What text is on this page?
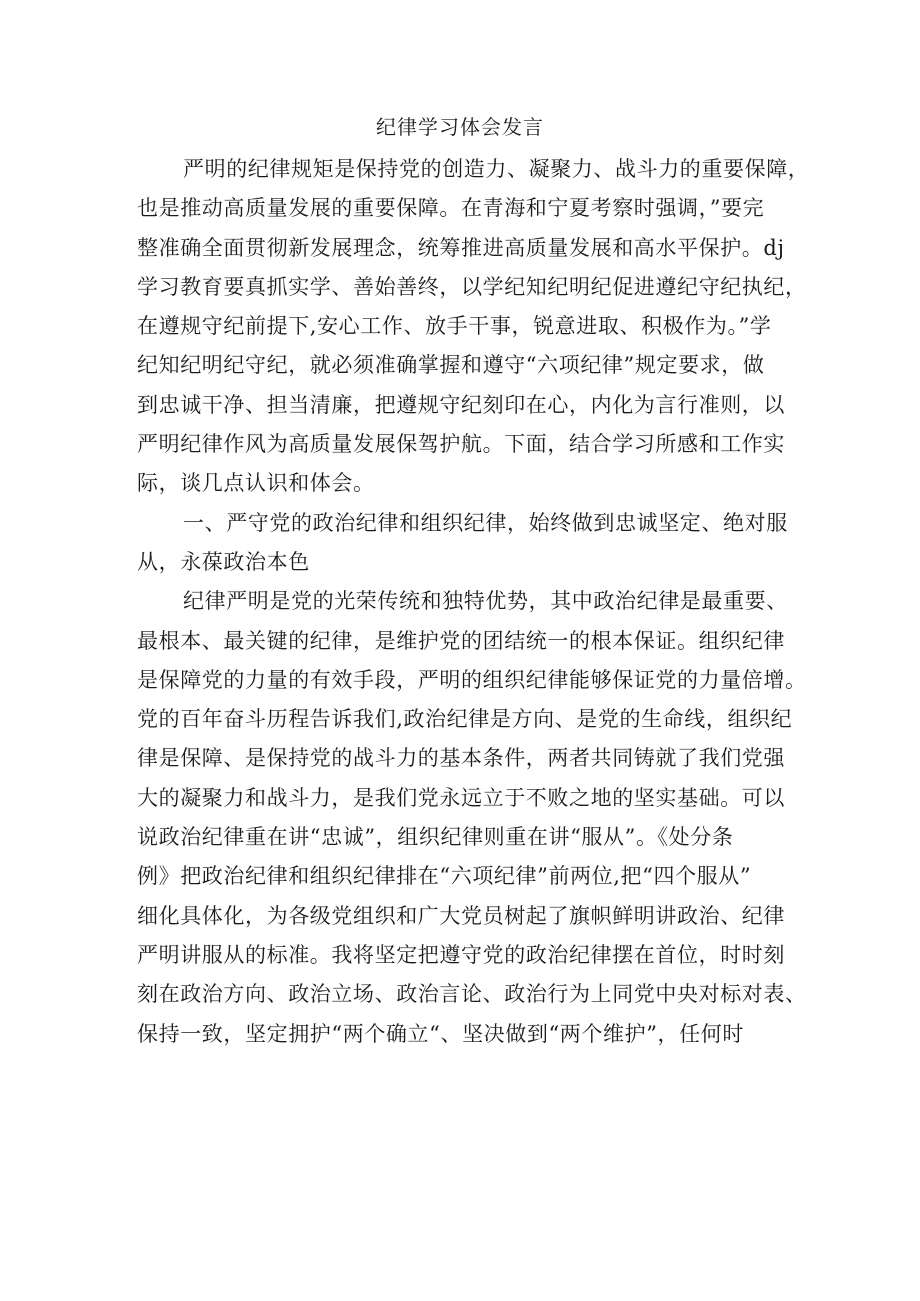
纪律学习体会发言
严明的纪律规矩是保持党的创造力、凝聚力、战斗力的重要保障，
也是推动高质量发展的重要保障。在青海和宁夏考察时强调，”要完
整准确全面贯彻新发展理念，统筹推进高质量发展和高水平保护。dj
学习教育要真抓实学、善始善终，以学纪知纪明纪促进遵纪守纪执纪，
在遵规守纪前提下,安心工作、放手干事，锐意进取、积极作为。”学
纪知纪明纪守纪，就必须准确掌握和遵守“六项纪律”规定要求，做
到忠诚干净、担当清廉，把遵规守纪刻印在心，内化为言行准则，以
严明纪律作风为高质量发展保驾护航。下面，结合学习所感和工作实
际，谈几点认识和体会。
一、严守党的政治纪律和组织纪律，始终做到忠诚坚定、绝对服
从，永葆政治本色
纪律严明是党的光荣传统和独特优势，其中政治纪律是最重要、
最根本、最关键的纪律，是维护党的团结统一的根本保证。组织纪律
是保障党的力量的有效手段，严明的组织纪律能够保证党的力量倍增。
党的百年奋斗历程告诉我们,政治纪律是方向、是党的生命线，组织纪
律是保障、是保持党的战斗力的基本条件，两者共同铸就了我们党强
大的凝聚力和战斗力，是我们党永远立于不败之地的坚实基础。可以
说政治纪律重在讲“忠诚”，组织纪律则重在讲“服从”。《处分条
例》把政治纪律和组织纪律排在“六项纪律”前两位,把“四个服从”
细化具体化，为各级党组织和广大党员树起了旗帜鲜明讲政治、纪律
严明讲服从的标准。我将坚定把遵守党的政治纪律摆在首位，时时刻
刻在政治方向、政治立场、政治言论、政治行为上同党中央对标对表、
保持一致，坚定拥护“两个确立“、坚决做到“两个维护”，任何时
